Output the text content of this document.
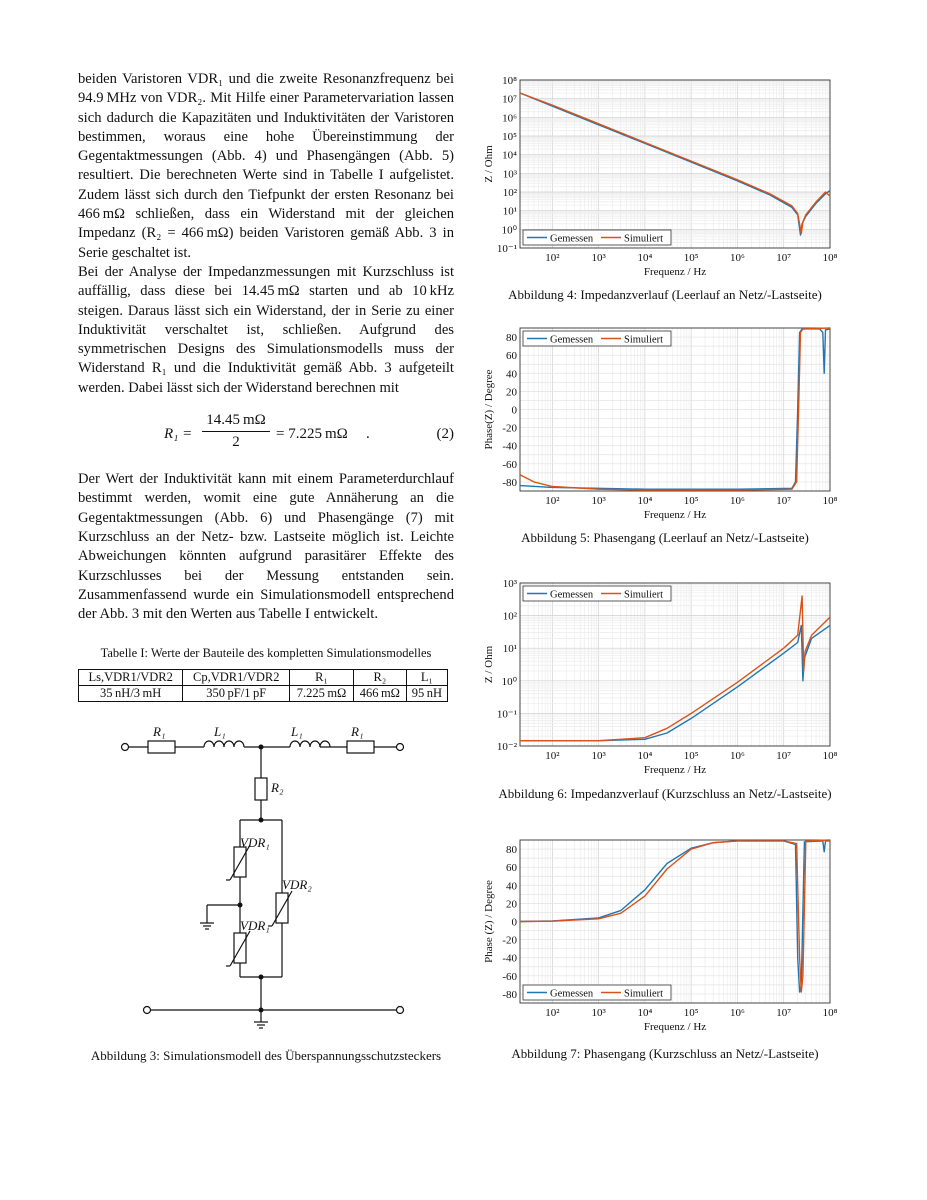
beiden Varistoren VDR₁ und die zweite Resonanzfrequenz bei 94.9 MHz von VDR₂. Mit Hilfe einer Parametervariation lassen sich dadurch die Kapazitäten und Induktivitäten der Varistoren bestimmen, woraus eine hohe Übereinstimmung der Gegentaktmessungen (Abb. 4) und Phasengängen (Abb. 5) resultiert. Die berechneten Werte sind in Tabelle I aufgelistet. Zudem lässt sich durch den Tiefpunkt der ersten Resonanz bei 466 mΩ schließen, dass ein Widerstand mit der gleichen Impedanz (R₂ = 466 mΩ) beiden Varistoren gemäß Abb. 3 in Serie geschaltet ist.

Bei der Analyse der Impedanzmessungen mit Kurzschluss ist auffällig, dass diese bei 14.45 mΩ starten und ab 10 kHz steigen. Daraus lässt sich ein Widerstand, der in Serie zu einer Induktivität verschaltet ist, schließen. Aufgrund des symmetrischen Designs des Simulationsmodells muss der Widerstand R₁ und die Induktivität gemäß Abb. 3 aufgeteilt werden. Dabei lässt sich der Widerstand berechnen mit

$R_1 = \frac{14.45 m\Omega}{2} = 7.225$ mΩ .	(2)

Der Wert der Induktivität kann mit einem Parameterdurchlauf bestimmt werden, womit eine gute Annäherung an die Gegentaktmessungen (Abb. 6) und Phasengänge (7) mit Kurzschluss an der Netz- bzw. Lastseite möglich ist. Leichte Abweichungen könnten aufgrund parasitärer Effekte des Kurzschlusses bei der Messung entstanden sein. Zusammenfassend wurde ein Simulationsmodell entsprechend der Abb. 3 mit den Werten aus Tabelle I entwickelt.

Tabelle I: Werte der Bauteile des kompletten Simulationsmodelles
Ls,VDR1/VDR2	Cp,VDR1/VDR2	R₁	R₂	L₁
35 nH/3 mH	350 pF/1 pF	7.225 mΩ	466 mΩ	95 nH
R₁	L₁	L₁	R₁
R₂
VDR₁
VDR₂
VDR₁
Abbildung 3: Simulationsmodell des Überspannungsschutzsteckers
10²	10³	10⁴	10⁵	10⁶	10⁷	10⁸
10⁻¹
10⁰
10¹
10²
10³
10⁴
10⁵
10⁶
10⁷
10⁸
Frequenz / Hz
Z / Ohm
Gemessen	Simuliert
Abbildung 4: Impedanzverlauf (Leerlauf an Netz/-Lastseite)
10²	10³	10⁴	10⁵	10⁶	10⁷	10⁸
-80
-60
-40
-20
0
20
40
60
80
Frequenz / Hz
Phase(Z) / Degree
Gemessen	Simuliert
Abbildung 5: Phasengang (Leerlauf an Netz/-Lastseite)
10²	10³	10⁴	10⁵	10⁶	10⁷	10⁸
10⁻²
10⁻¹
10⁰
10¹
10²
10³
Frequenz / Hz
Z / Ohm
Gemessen	Simuliert
Abbildung 6: Impedanzverlauf (Kurzschluss an Netz/-Lastseite)
10²	10³	10⁴	10⁵	10⁶	10⁷	10⁸
-80
-60
-40
-20
0
20
40
60
80
Frequenz / Hz
Phase (Z) / Degree
Gemessen	Simuliert
Abbildung 7: Phasengang (Kurzschluss an Netz/-Lastseite)
